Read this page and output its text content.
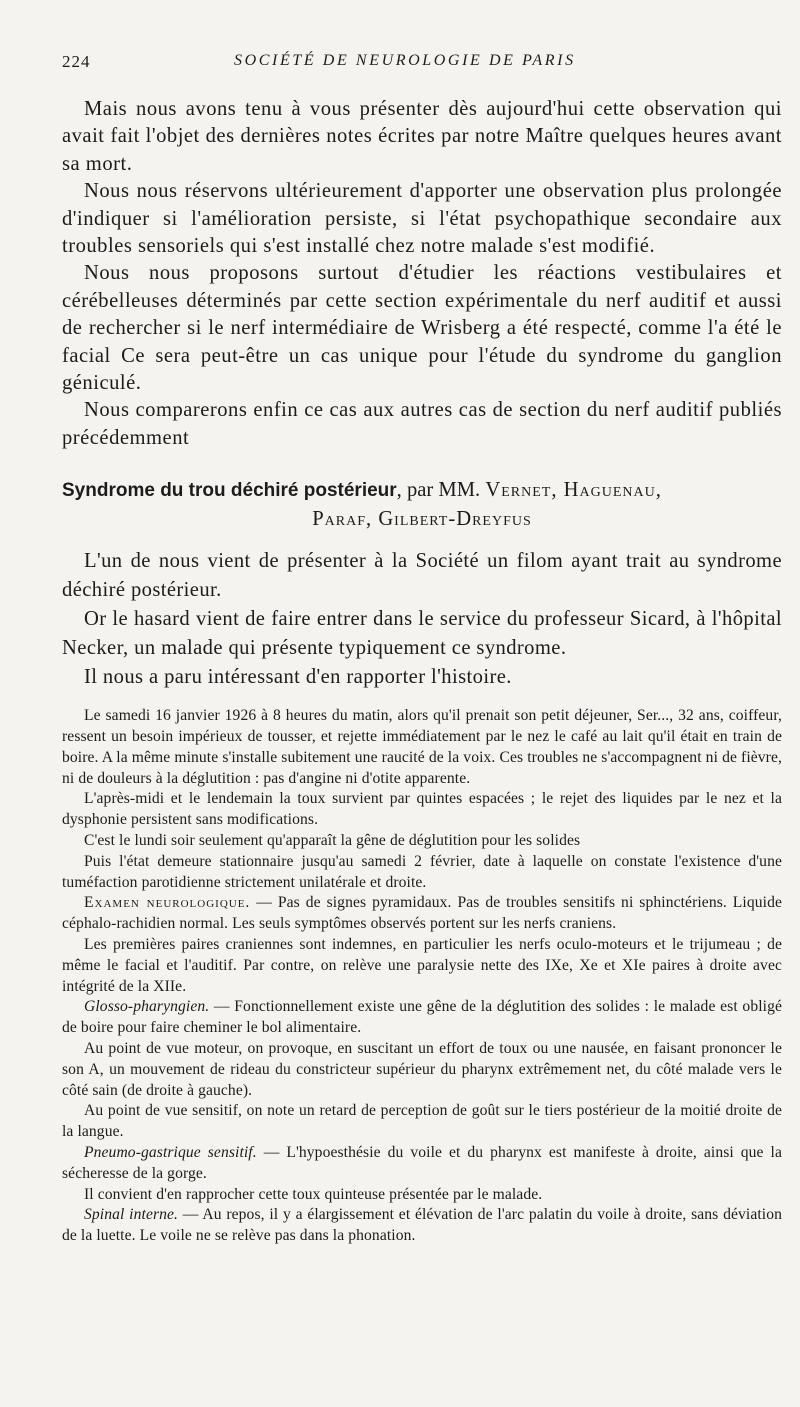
224	SOCIÉTÉ DE NEUROLOGIE DE PARIS

Mais nous avons tenu à vous présenter dès aujourd'hui cette observation qui avait fait l'objet des dernières notes écrites par notre Maître quelques heures avant sa mort.

Nous nous réservons ultérieurement d'apporter une observation plus prolongée d'indiquer si l'amélioration persiste, si l'état psychopathique secondaire aux troubles sensoriels qui s'est installé chez notre malade s'est modifié.

Nous nous proposons surtout d'étudier les réactions vestibulaires et cérébelleuses déterminés par cette section expérimentale du nerf auditif et aussi de rechercher si le nerf intermédiaire de Wrisberg a été respecté, comme l'a été le facial Ce sera peut-être un cas unique pour l'étude du syndrome du ganglion géniculé.

Nous comparerons enfin ce cas aux autres cas de section du nerf auditif publiés précédemment

Syndrome du trou déchiré postérieur, par MM. Vernet, Haguenau,
Paraf, Gilbert-Dreyfus

L'un de nous vient de présenter à la Société un filom ayant trait au syndrome déchiré postérieur.

Or le hasard vient de faire entrer dans le service du professeur Sicard, à l'hôpital Necker, un malade qui présente typiquement ce syndrome.

Il nous a paru intéressant d'en rapporter l'histoire.

Le samedi 16 janvier 1926 à 8 heures du matin, alors qu'il prenait son petit déjeuner, Ser..., 32 ans, coiffeur, ressent un besoin impérieux de tousser, et rejette immédiatement par le nez le café au lait qu'il était en train de boire. A la même minute s'installe subitement une raucité de la voix. Ces troubles ne s'accompagnent ni de fièvre, ni de douleurs à la déglutition : pas d'angine ni d'otite apparente.

L'après-midi et le lendemain la toux survient par quintes espacées ; le rejet des liquides par le nez et la dysphonie persistent sans modifications.

C'est le lundi soir seulement qu'apparaît la gêne de déglutition pour les solides

Puis l'état demeure stationnaire jusqu'au samedi 2 février, date à laquelle on constate l'existence d'une tuméfaction parotidienne strictement unilatérale et droite.

Examen neurologique. — Pas de signes pyramidaux. Pas de troubles sensitifs ni sphinctériens. Liquide céphalo-rachidien normal. Les seuls symptômes observés portent sur les nerfs craniens.

Les premières paires craniennes sont indemnes, en particulier les nerfs oculo-moteurs et le trijumeau ; de même le facial et l'auditif. Par contre, on relève une paralysie nette des IXe, Xe et XIe paires à droite avec intégrité de la XIIe.

Glosso-pharyngien. — Fonctionnellement existe une gêne de la déglutition des solides : le malade est obligé de boire pour faire cheminer le bol alimentaire.

Au point de vue moteur, on provoque, en suscitant un effort de toux ou une nausée, en faisant prononcer le son A, un mouvement de rideau du constricteur supérieur du pharynx extrêmement net, du côté malade vers le côté sain (de droite à gauche).

Au point de vue sensitif, on note un retard de perception de goût sur le tiers postérieur de la moitié droite de la langue.

Pneumo-gastrique sensitif. — L'hypoesthésie du voile et du pharynx est manifeste à droite, ainsi que la sécheresse de la gorge.

Il convient d'en rapprocher cette toux quinteuse présentée par le malade.

Spinal interne. — Au repos, il y a élargissement et élévation de l'arc palatin du voile à droite, sans déviation de la luette. Le voile ne se relève pas dans la phonation.
